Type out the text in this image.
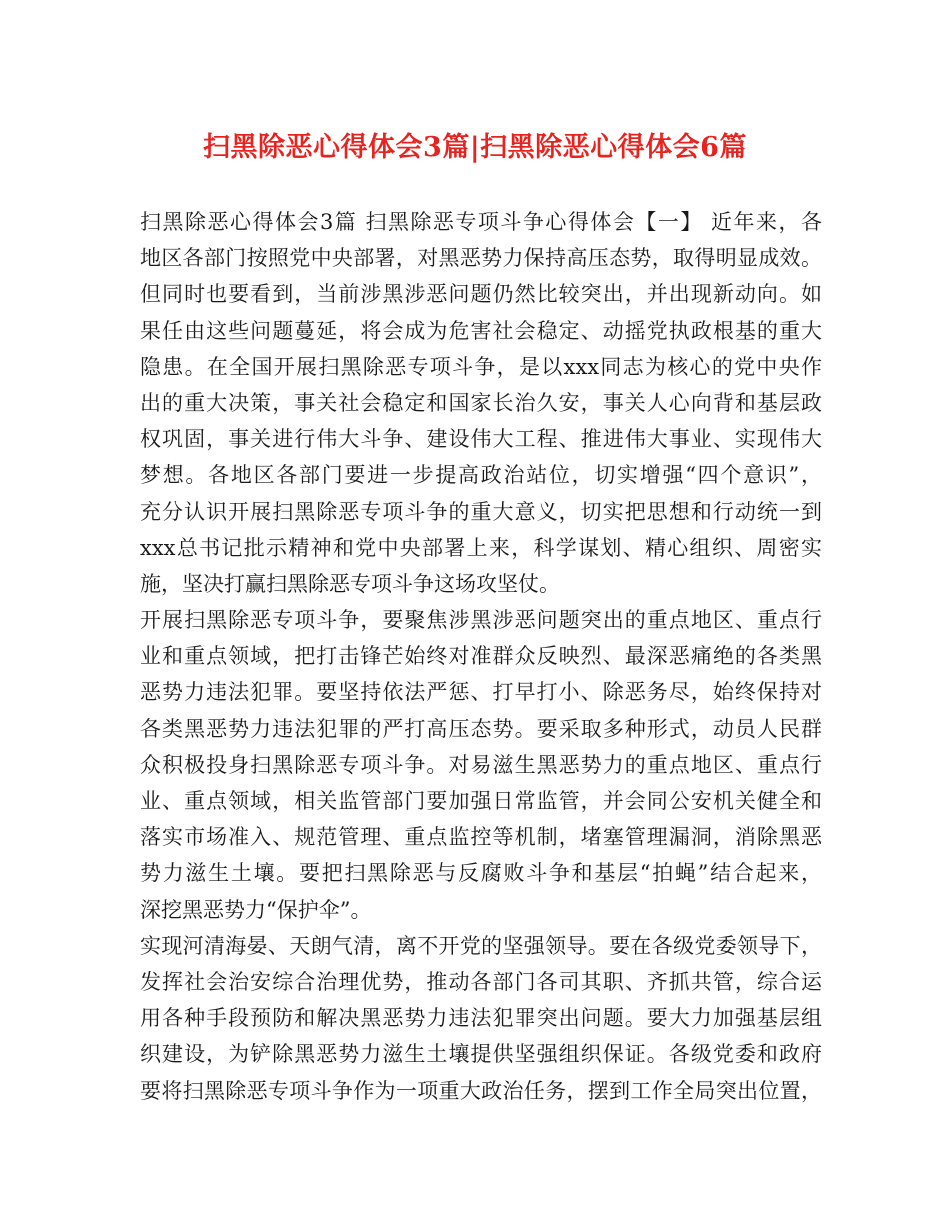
扫黑除恶心得体会3篇|扫黑除恶心得体会6篇
扫黑除恶心得体会3篇 扫黑除恶专项斗争心得体会【一】 近年来，各
地区各部门按照党中央部署，对黑恶势力保持高压态势，取得明显成效。
但同时也要看到，当前涉黑涉恶问题仍然比较突出，并出现新动向。如
果任由这些问题蔓延，将会成为危害社会稳定、动摇党执政根基的重大
隐患。在全国开展扫黑除恶专项斗争，是以xxx同志为核心的党中央作
出的重大决策，事关社会稳定和国家长治久安，事关人心向背和基层政
权巩固，事关进行伟大斗争、建设伟大工程、推进伟大事业、实现伟大
梦想。各地区各部门要进一步提高政治站位，切实增强“四个意识”，
充分认识开展扫黑除恶专项斗争的重大意义，切实把思想和行动统一到
xxx总书记批示精神和党中央部署上来，科学谋划、精心组织、周密实
施，坚决打赢扫黑除恶专项斗争这场攻坚仗。
开展扫黑除恶专项斗争，要聚焦涉黑涉恶问题突出的重点地区、重点行
业和重点领域，把打击锋芒始终对准群众反映烈、最深恶痛绝的各类黑
恶势力违法犯罪。要坚持依法严惩、打早打小、除恶务尽，始终保持对
各类黑恶势力违法犯罪的严打高压态势。要采取多种形式，动员人民群
众积极投身扫黑除恶专项斗争。对易滋生黑恶势力的重点地区、重点行
业、重点领域，相关监管部门要加强日常监管，并会同公安机关健全和
落实市场准入、规范管理、重点监控等机制，堵塞管理漏洞，消除黑恶
势力滋生土壤。要把扫黑除恶与反腐败斗争和基层“拍蝇”结合起来，
深挖黑恶势力“保护伞”。
实现河清海晏、天朗气清，离不开党的坚强领导。要在各级党委领导下，
发挥社会治安综合治理优势，推动各部门各司其职、齐抓共管，综合运
用各种手段预防和解决黑恶势力违法犯罪突出问题。要大力加强基层组
织建设，为铲除黑恶势力滋生土壤提供坚强组织保证。各级党委和政府
要将扫黑除恶专项斗争作为一项重大政治任务，摆到工作全局突出位置，
